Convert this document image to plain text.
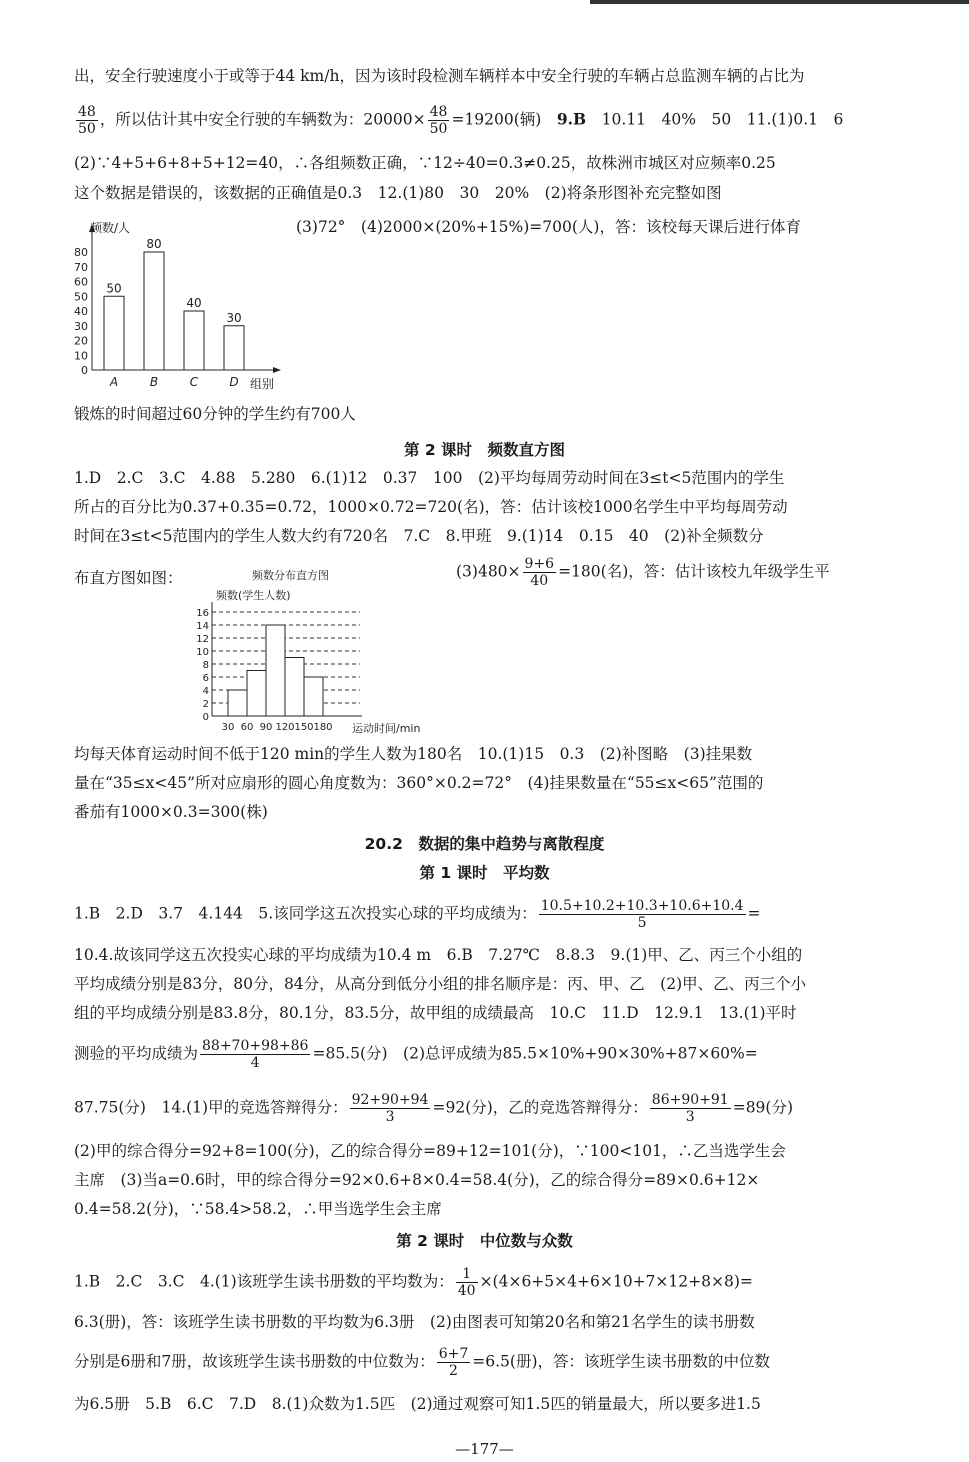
出，安全行驶速度小于或等于44 km/h，因为该时段检测车辆样本中安全行驶的车辆占总监测车辆的占比为
$\frac{48}{50}$ ，所以估计其中安全行驶的车辆数为：$20000\times \frac{48}{50} =19200$(辆)　 9.B　 10.11　40%　50　 11.(1)0.1　6
(2)∵4+5+6+8+5+12=40，∴各组频数正确，∵12÷40=0.3≠0.25，故株洲市城区对应频率0.25
这个数据是错误的，该数据的正确值是0.3　 12.(1)80　30　20%　(2)将条形图补充完整如图
(3)72°　(4)2000×(20%+15%)=700(人)，答：该校每天课后进行体育
频数/人
组别
0
10
20
30
40
50
60
70
80
50
A
80
B
40
C
30
D
锻炼的时间超过60分钟的学生约有700人
第 2 课时　频数直方图
1.D　2.C　3.C　4.88　5.280　6.(1)12　0.37　100　(2)平均每周劳动时间在3≤t<5范围内的学生
所占的百分比为0.37+0.35=0.72，1000×0.72=720(名)，答：估计该校1000名学生中平均每周劳动
时间在3≤t<5范围内的学生人数大约有720名　7.C　8.甲班　9.(1)14　0.15　40　(2)补全频数分
布直方图如图：	$(3)480\times \frac{9+6}{40} =180$(名)，答：估计该校九年级学生平
频数分布直方图
频数(学生人数)
0
2
4
6
8
10
12
14
16
30 60 90 120 150 180 运动时间/min
均每天体育运动时间不低于120 min的学生人数为180名　10.(1)15　0.3　(2)补图略　(3)挂果数
量在“35≤x<45”所对应扇形的圆心角度数为：360°×0.2=72°　(4)挂果数量在“55≤x<65”范围的
番茄有1000×0.3=300(株)
20.2　数据的集中趋势与离散程度
第 1 课时　平均数
1.B　2.D　3.7　4.144　5.该同学这五次投实心球的平均成绩为： $\frac{10.5+10.2+10.3+10.6+10.4}{5}$ =
10.4.故该同学这五次投实心球的平均成绩为10.4 m　6.B　7.27℃　8.8.3　9.(1)甲、乙、丙三个小组的
平均成绩分别是83分，80分，84分，从高分到低分小组的排名顺序是：丙、甲、乙　(2)甲、乙、丙三个小
组的平均成绩分别是83.8分，80.1分，83.5分，故甲组的成绩最高　10.C　11.D　12.9.1　13.(1)平时
测验的平均成绩为 $\frac{88+70+98+86}{4} =85.5$(分)　(2)总评成绩为85.5×10%+90×30%+87×60%=
87.75(分)　14.(1)甲的竞选答辩得分： $\frac{92+90+94}{3} =92$(分)，乙的竞选答辩得分： $\frac{86+90+91}{3} =89$(分)
(2)甲的综合得分=92+8=100(分)，乙的综合得分=89+12=101(分)，∵100<101，∴乙当选学生会
主席　(3)当a=0.6时，甲的综合得分=92×0.6+8×0.4=58.4(分)，乙的综合得分=89×0.6+12×
0.4=58.2(分)，∵58.4>58.2，∴甲当选学生会主席
第 2 课时　中位数与众数
1.B　2.C　3.C　4.(1)该班学生读书册数的平均数为： $\frac{1}{40} \times(4\times 6+5\times 4+6\times 10+7\times 12+8\times 8)=$
6.3(册)，答：该班学生读书册数的平均数为6.3册　(2)由图表可知第20名和第21名学生的读书册数
分别是6册和7册，故该班学生读书册数的中位数为： $\frac{6+7}{2} =6.5$(册)，答：该班学生读书册数的中位数
为6.5册　5.B　6.C　7.D　8.(1)众数为1.5匹　(2)通过观察可知1.5匹的销量最大，所以要多进1.5
—177—
